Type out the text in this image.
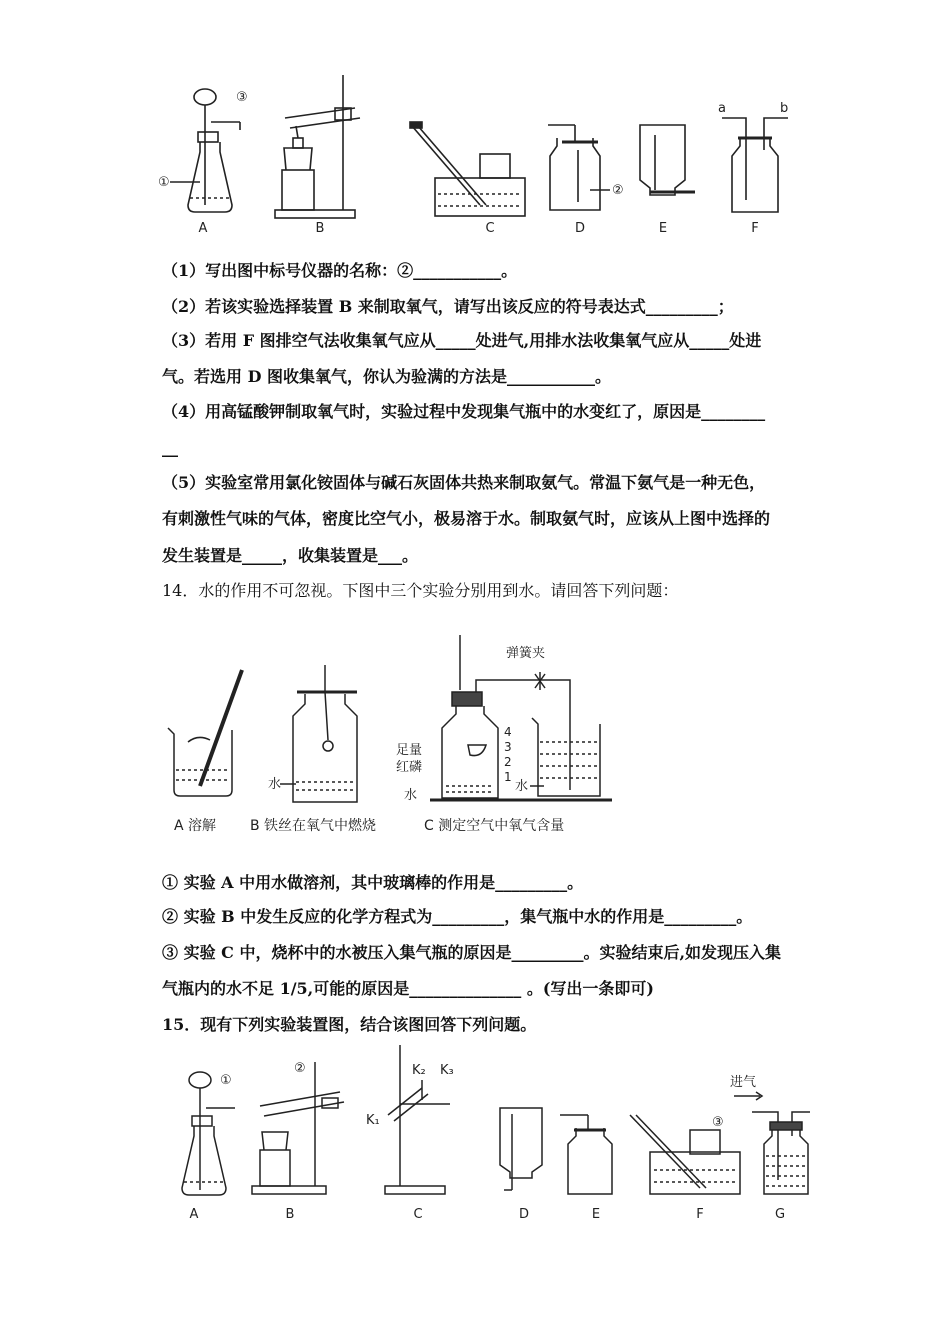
A	B	C	D	E	F
①
②
③
a	b
（1）写出图中标号仪器的名称：②___________。
（2）若该实验选择装置 B 来制取氧气，请写出该反应的符号表达式_________；
（3）若用 F 图排空气法收集氧气应从_____处进气,用排水法收集氧气应从_____处进
气。若选用 D 图收集氧气，你认为验满的方法是___________。
（4）用高锰酸钾制取氧气时，实验过程中发现集气瓶中的水变红了，原因是________
__
（5）实验室常用氯化铵固体与碱石灰固体共热来制取氨气。常温下氨气是一种无色，
有刺激性气味的气体，密度比空气小，极易溶于水。制取氨气时，应该从上图中选择的
发生装置是_____，收集装置是___。
14．水的作用不可忽视。下图中三个实验分别用到水。请回答下列问题：
水
足量
红磷
水
水
弹簧夹
4
3
2
1
A 溶解 B 铁丝在氧气中燃烧	C 测定空气中氧气含量
① 实验 A 中用水做溶剂，其中玻璃棒的作用是_________。
② 实验 B 中发生反应的化学方程式为_________，集气瓶中水的作用是_________。
③ 实验 C 中，烧杯中的水被压入集气瓶的原因是_________。实验结束后,如发现压入集
气瓶内的水不足 1/5,可能的原因是______________ 。(写出一条即可)
15．现有下列实验装置图，结合该图回答下列问题。
①
②
③
K₁
K₂ K₃
进气
A	B	C	D	E	F	G
